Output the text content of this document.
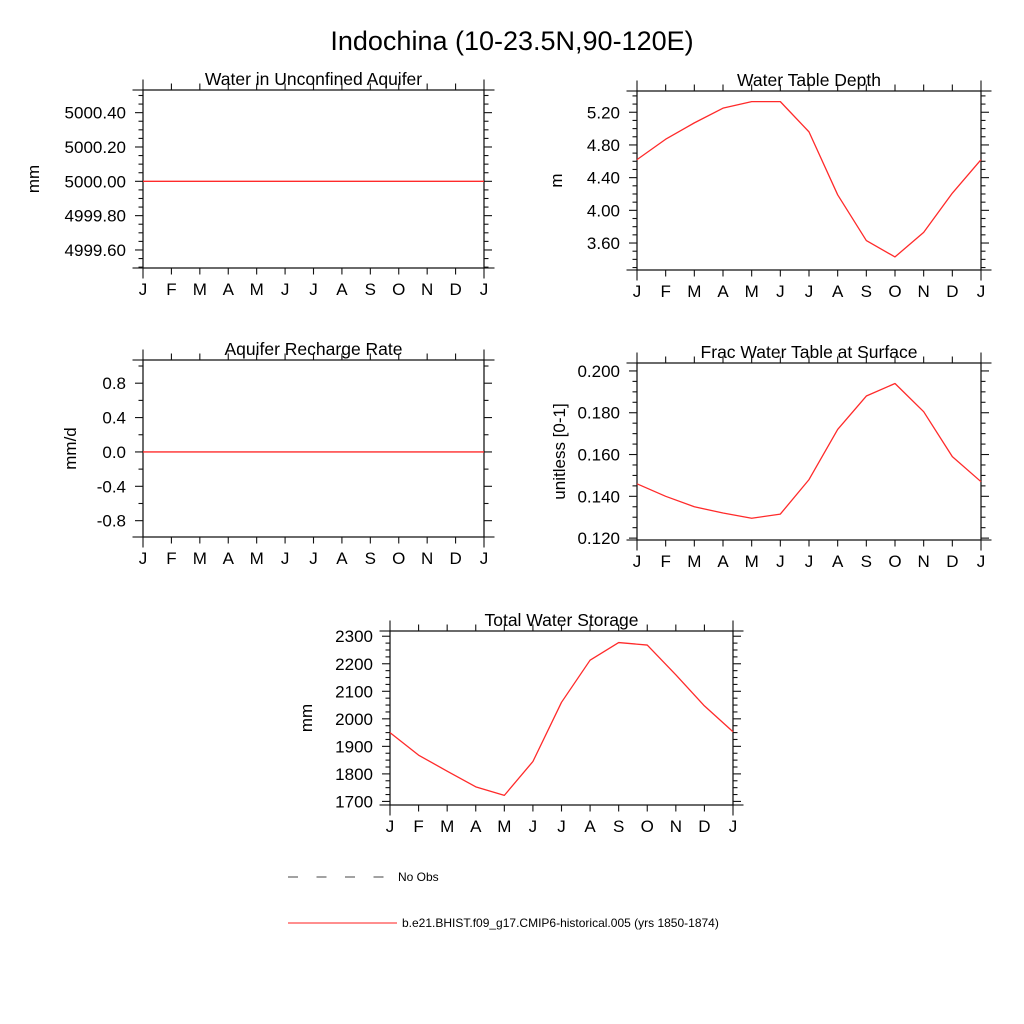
Indochina (10-23.5N,90-120E)
Water in Unconfined Aquifer
mm
J F M A M J J A S O N D J
4999.60
4999.80
5000.00
5000.20
5000.40
Water Table Depth
m
J F M A M J J A S O N D J
3.60
4.00
4.40
4.80
5.20
Aquifer Recharge Rate
mm/d
J F M A M J J A S O N D J
-0.8
-0.4
0.0
0.4
0.8
Frac Water Table at Surface
unitless [0-1]
J F M A M J J A S O N D J
0.120
0.140
0.160
0.180
0.200
Total Water Storage
mm
J F M A M J J A S O N D J
1700
1800
1900
2000
2100
2200
2300
No Obs
b.e21.BHIST.f09_g17.CMIP6-historical.005 (yrs 1850-1874)
